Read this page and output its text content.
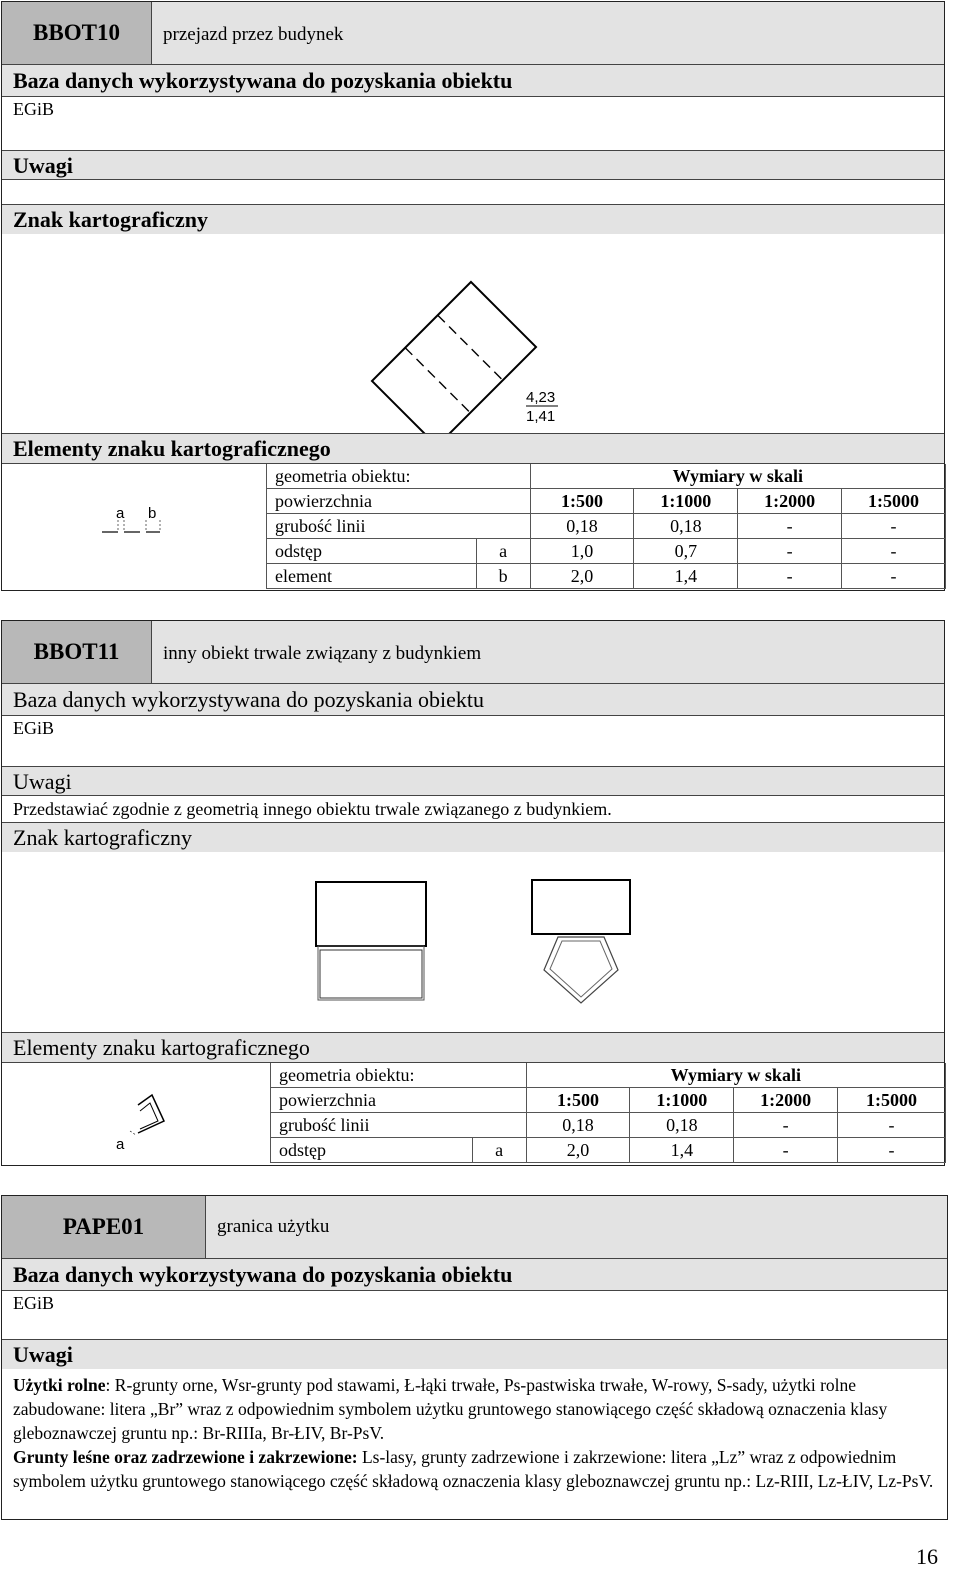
BBOT10	przejazd przez budynek
Baza danych wykorzystywana do pozyskania obiektu
EGiB
Uwagi
Znak kartograficzny
4,23
1,41
Elementy znaku kartograficznego
a b
geometria obiektu:		Wymiary w skali			
powierzchnia		1:500	1:1000	1:2000	1:5000
grubość linii		0,18	0,18	-	-
odstęp	a	1,0	0,7	-	-
element	b	2,0	1,4	-	-
BBOT11	inny obiekt trwale związany z budynkiem
Baza danych wykorzystywana do pozyskania obiektu
EGiB
Uwagi
Przedstawiać zgodnie z geometrią innego obiektu trwale związanego z budynkiem.
Znak kartograficzny
Elementy znaku kartograficznego
a
geometria obiektu:		Wymiary w skali			
powierzchnia		1:500	1:1000	1:2000	1:5000
grubość linii		0,18	0,18	-	-
odstęp	a	2,0	1,4	-	-
PAPE01	granica użytku
Baza danych wykorzystywana do pozyskania obiektu
EGiB
Uwagi
Użytki rolne: R-grunty orne, Wsr-grunty pod stawami, Ł-łąki trwałe, Ps-pastwiska trwałe, W-rowy, S-sady, użytki rolne zabudowane: litera „Br” wraz z odpowiednim symbolem użytku gruntowego stanowiącego część składową oznaczenia klasy gleboznawczej gruntu np.: Br-RIIIa, Br-ŁIV, Br-PsV.
Grunty leśne oraz zadrzewione i zakrzewione: Ls-lasy, grunty zadrzewione i zakrzewione: litera „Lz” wraz z odpowiednim symbolem użytku gruntowego stanowiącego część składową oznaczenia klasy gleboznawczej gruntu np.: Lz-RIII, Lz-ŁIV, Lz-PsV.
16
